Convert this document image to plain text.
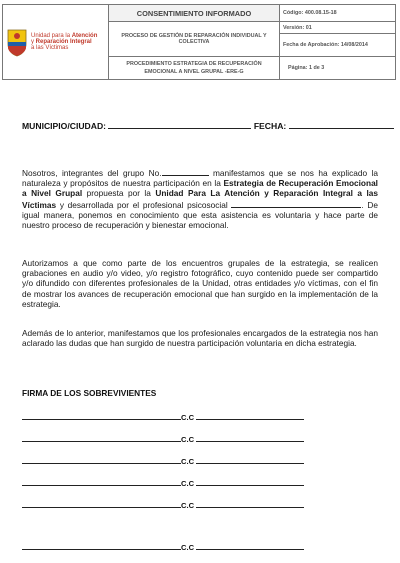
Unidad para la Atención
y Reparación Integral
a las Víctimas	CONSENTIMIENTO INFORMADO	Código: 400.08.15-18
	PROCESO DE GESTIÓN DE REPARACIÓN INDIVIDUAL Y COLECTIVA	Versión: 01
		Fecha de Aprobación: 14/08/2014
	PROCEDIMIENTO ESTRATEGIA DE RECUPERACIÓN EMOCIONAL A NIVEL GRUPAL -ERE-G	Página: 1 de 3
MUNICIPIO/CIUDAD:	FECHA:
Nosotros, integrantes del grupo No.	manifestamos que se nos ha explicado la naturaleza y propósitos de nuestra participación en la Estrategia de Recuperación Emocional a Nivel Grupal propuesta por la Unidad Para La Atención y Reparación Integral a las Víctimas y desarrollada por el profesional psicosocial	. De igual manera, ponemos en conocimiento que esta asistencia es voluntaria y hace parte de nuestro proceso de recuperación y bienestar emocional.
Autorizamos a que como parte de los encuentros grupales de la estrategia, se realicen grabaciones en audio y/o video, y/o registro fotográfico, cuyo contenido puede ser compartido y/o difundido con diferentes profesionales de la Unidad, otras entidades y/o víctimas, con el fin de mostrar los avances de recuperación emocional que han surgido en la implementación de la estrategia.
Además de lo anterior, manifestamos que los profesionales encargados de la estrategia nos han aclarado las dudas que han surgido de nuestra participación voluntaria en dicha estrategia.
FIRMA DE LOS SOBREVIVIENTES
C.C
C.C
C.C
C.C
C.C
C.C
